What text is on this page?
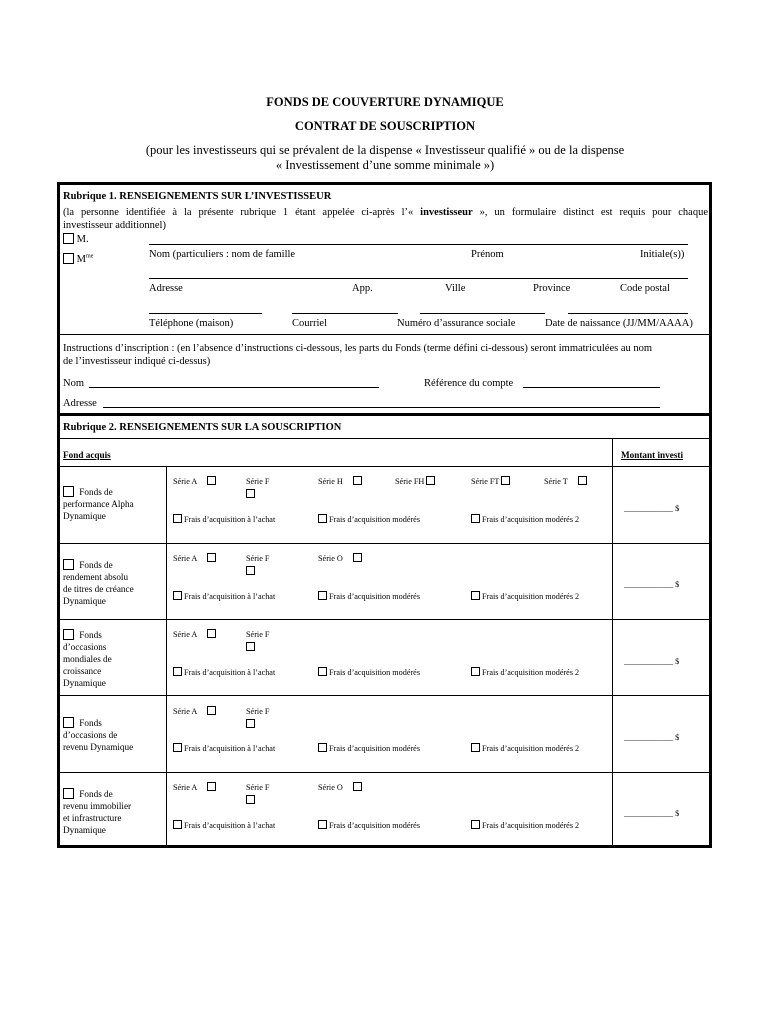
FONDS DE COUVERTURE DYNAMIQUE
CONTRAT DE SOUSCRIPTION
(pour les investisseurs qui se prévalent de la dispense « Investisseur qualifié » ou de la dispense
« Investissement d’une somme minimale »)
Rubrique 1. RENSEIGNEMENTS SUR L’INVESTISSEUR
(la personne identifiée à la présente rubrique 1 étant appelée ci-après l’« investisseur », un formulaire distinct est requis pour chaque
investisseur additionnel)
M.
$M^{me}$	Nom (particuliers : nom de famille	Prénom	Initiale(s))
Adresse	App.	Ville	Province	Code postal
Téléphone (maison)	Courriel	Numéro d’assurance sociale	Date de naissance (JJ/MM/AAAA)
Instructions d’inscription : (en l’absence d’instructions ci-dessous, les parts du Fonds (terme défini ci-dessous) seront immatriculées au nom
de l’investisseur indiqué ci-dessus)
Nom	Référence du compte
Adresse
Rubrique 2. RENSEIGNEMENTS SUR LA SOUSCRIPTION
Fond acquis	Montant investi
Fonds de
performance Alpha
Dynamique
Série A	Série F	Série H	Série FH	Série FT	Série T
Frais d’acquisition à l’achat	Frais d’acquisition modérés	Frais d’acquisition modérés 2
____________ $
Fonds de
rendement absolu
de titres de créance
Dynamique
Série A	Série F	Série O
Frais d’acquisition à l’achat	Frais d’acquisition modérés	Frais d’acquisition modérés 2
____________ $
Fonds
d’occasions
mondiales de
croissance
Dynamique
Série A	Série F

Frais d’acquisition à l’achat	Frais d’acquisition modérés	Frais d’acquisition modérés 2
____________ $
Fonds
d’occasions de
revenu Dynamique
Série A	Série F

Frais d’acquisition à l’achat	Frais d’acquisition modérés	Frais d’acquisition modérés 2
____________ $
Fonds de
revenu immobilier
et infrastructure
Dynamique
Série A	Série F	Série O
Frais d’acquisition à l’achat	Frais d’acquisition modérés	Frais d’acquisition modérés 2
____________ $
